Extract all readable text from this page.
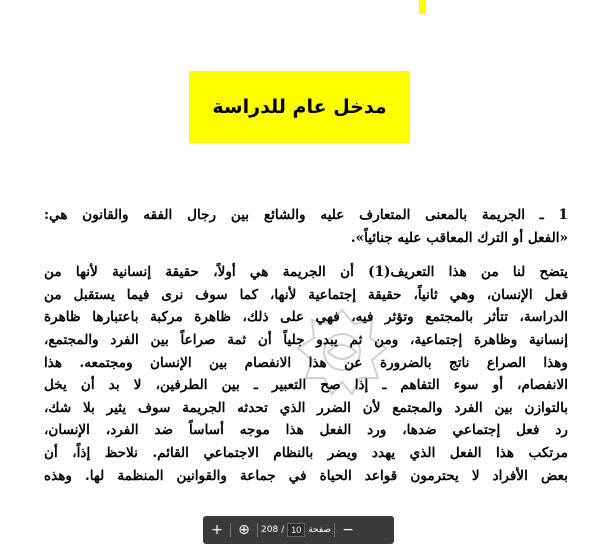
مدخل عام للدراسة
1 ـ الجريمة بالمعنى المتعارف عليه والشائع بين رجال الفقه والقانون هي:
«الفعل أو الترك المعاقب عليه جنائياً».
يتضح لنا من هذا التعريف(1) أن الجريمة هي أولاً، حقيقة إنسانية لأنها من
فعل الإنسان، وهي ثانياً، حقيقة إجتماعية لأنها، كما سوف نرى فيما يستقبل من
الدراسة، تتأثر بالمجتمع وتؤثر فيه، فهي على ذلك، ظاهرة مركبة باعتبارها ظاهرة
إنسانية وظاهرة إجتماعية، ومن ثم يبدو جلياً أن ثمة صراعاً بين الفرد والمجتمع،
وهذا الصراع ناتج بالضرورة عن هذا الانفصام بين الإنسان ومجتمعه. هذا
الانفصام، أو سوء التفاهم ـ إذا صح التعبير ـ بين الطرفين، لا بد أن يخل
بالتوازن بين الفرد والمجتمع لأن الضرر الذي تحدثه الجريمة سوف يثير بلا شك،
رد فعل إجتماعي ضدها، ورد الفعل هذا موجه أساساً ضد الفرد، الإنسان،
مرتكب هذا الفعل الذي يهدد ويضر بالنظام الاجتماعي القائم. نلاحظ إذاً، أن
بعض الأفراد لا يحترمون قواعد الحياة في جماعة والقوانين المنظمة لها. وهذه
+ ⊕	208 /
10	صفحة −
